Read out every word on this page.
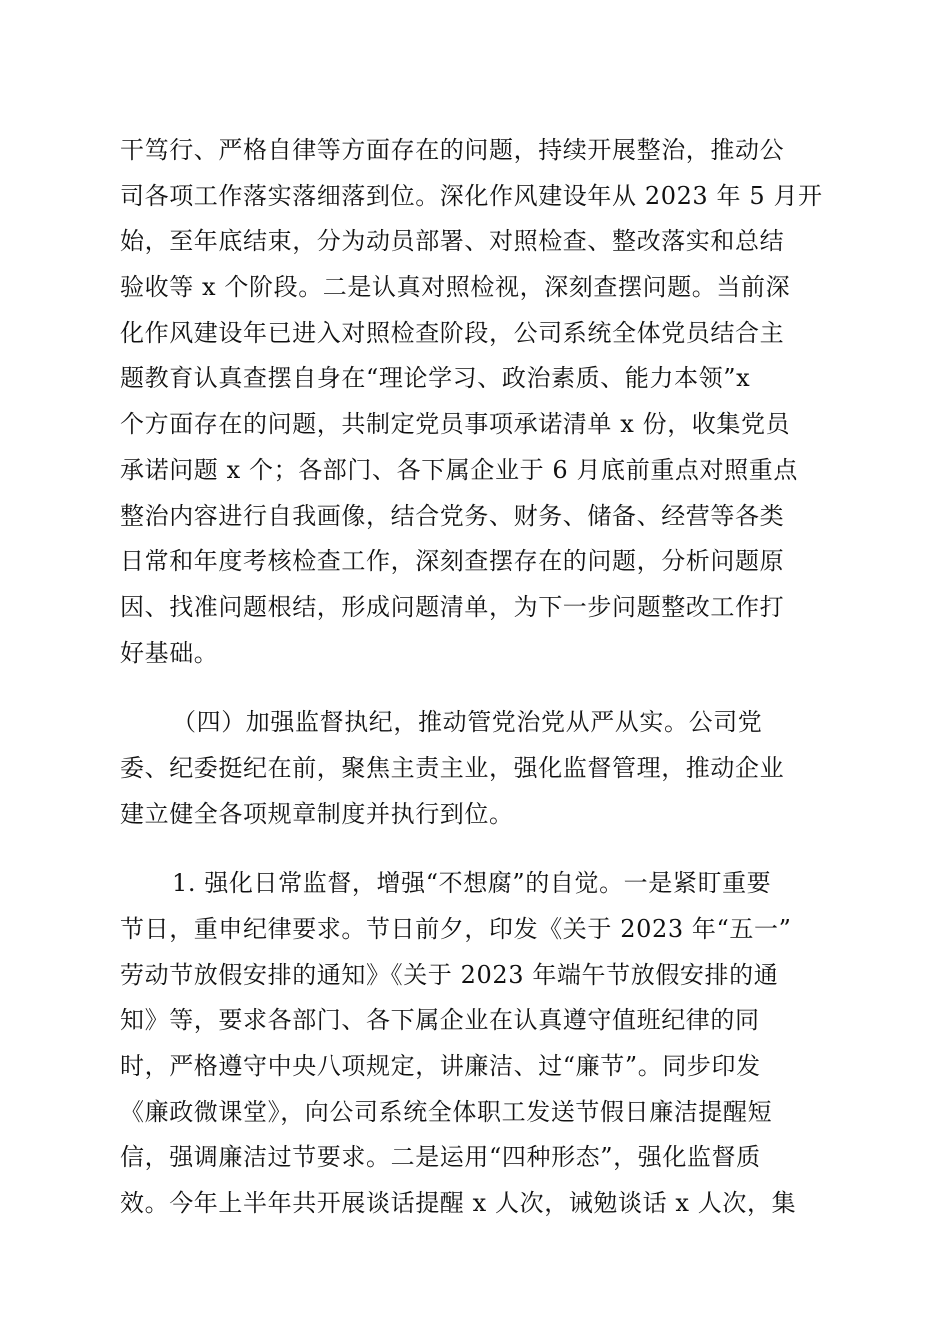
干笃行、严格自律等方面存在的问题，持续开展整治，推动公
司各项工作落实落细落到位。深化作风建设年从 2023 年 5 月开
始，至年底结束，分为动员部署、对照检查、整改落实和总结
验收等 x 个阶段。二是认真对照检视，深刻查摆问题。当前深
化作风建设年已进入对照检查阶段，公司系统全体党员结合主
题教育认真查摆自身在“理论学习、政治素质、能力本领”x
个方面存在的问题，共制定党员事项承诺清单 x 份，收集党员
承诺问题 x 个；各部门、各下属企业于 6 月底前重点对照重点
整治内容进行自我画像，结合党务、财务、储备、经营等各类
日常和年度考核检查工作，深刻查摆存在的问题，分析问题原
因、找准问题根结，形成问题清单，为下一步问题整改工作打
好基础。
（四）加强监督执纪，推动管党治党从严从实。公司党
委、纪委挺纪在前，聚焦主责主业，强化监督管理，推动企业
建立健全各项规章制度并执行到位。
1. 强化日常监督，增强“不想腐”的自觉。一是紧盯重要
节日，重申纪律要求。节日前夕，印发《关于 2023 年“五一”
劳动节放假安排的通知》《关于 2023 年端午节放假安排的通
知》等，要求各部门、各下属企业在认真遵守值班纪律的同
时，严格遵守中央八项规定，讲廉洁、过“廉节”。同步印发
《廉政微课堂》，向公司系统全体职工发送节假日廉洁提醒短
信，强调廉洁过节要求。二是运用“四种形态”，强化监督质
效。今年上半年共开展谈话提醒 x 人次，诫勉谈话 x 人次，集
